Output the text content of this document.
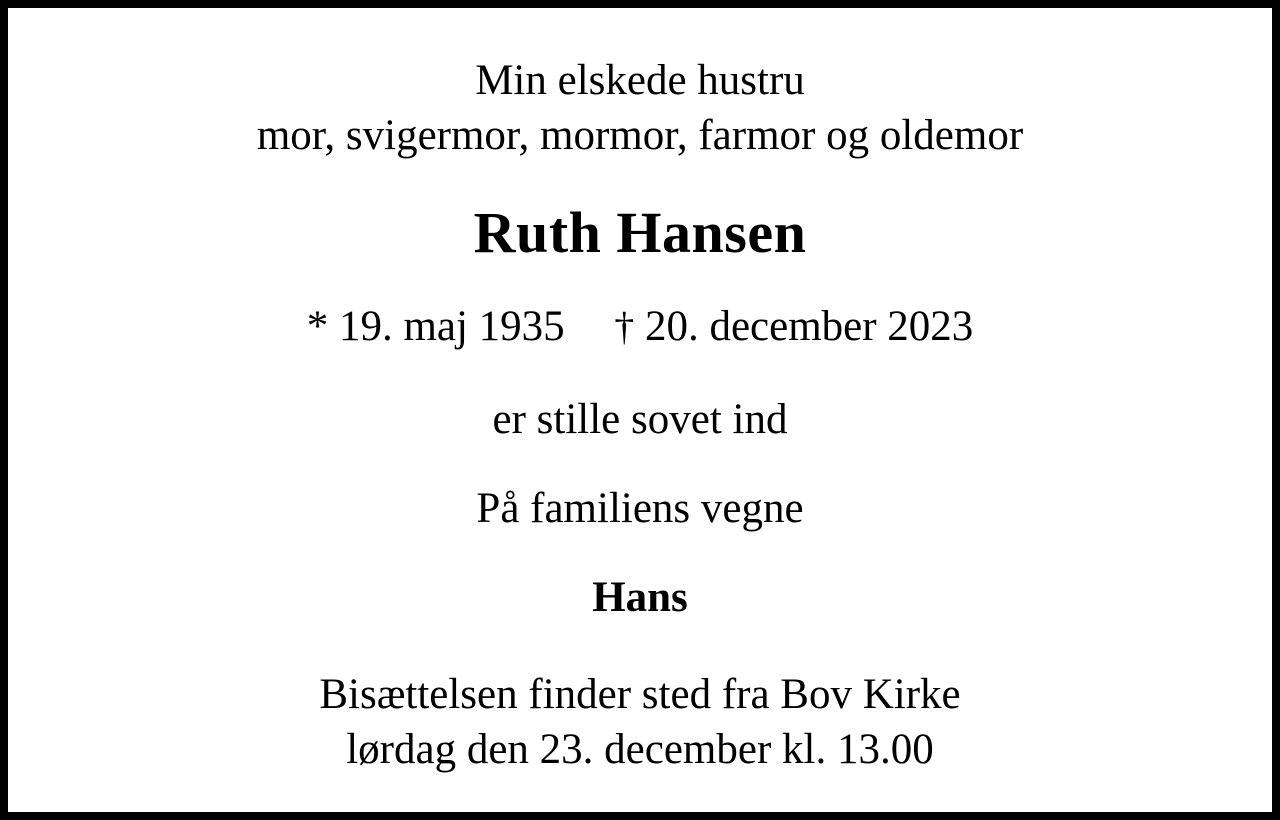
Min elskede hustru
mor, svigermor, mormor, farmor og oldemor
Ruth Hansen
* 19. maj 1935 † 20. december 2023
er stille sovet ind
På familiens vegne
Hans
Bisættelsen finder sted fra Bov Kirke
lørdag den 23. december kl. 13.00
